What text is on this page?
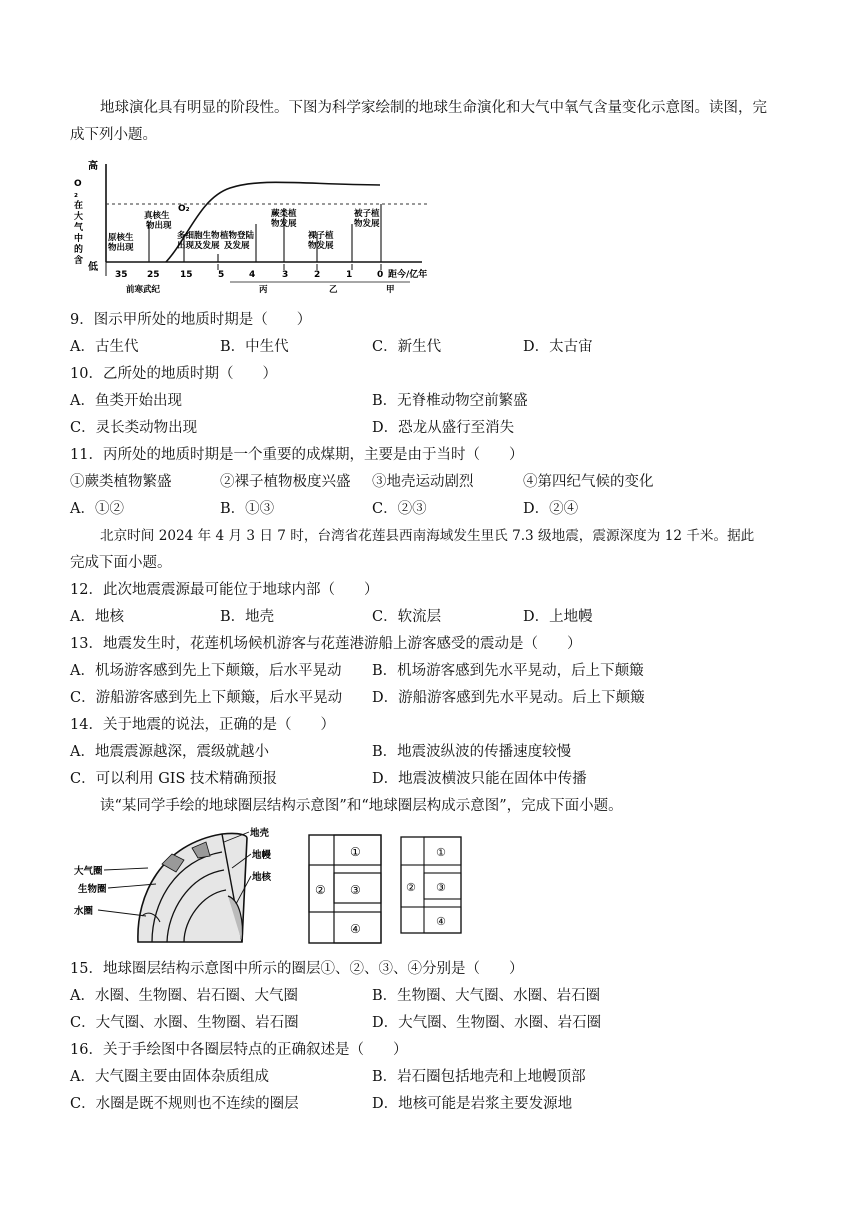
地球演化具有明显的阶段性。下图为科学家绘制的地球生命演化和大气中氧气含量变化示意图。读图，完
成下列小题。
高
低
O
₂
在
大
气
中
的
含
O₂
原核生
物出现
真核生
物出现
多细胞生物
出现及发展
植物登陆
及发展
蕨类植
物发展
裸子植
物发展
被子植
物发展
35 25 15	5	4	3	2	1	0 距今/亿年
前寒武纪	丙	乙	甲
9．图示甲所处的地质时期是（　　）
A．古生代	B．中生代	C．新生代	D．太古宙
10．乙所处的地质时期（　　）
A．鱼类开始出现	B．无脊椎动物空前繁盛
C．灵长类动物出现	D．恐龙从盛行至消失
11．丙所处的地质时期是一个重要的成煤期，主要是由于当时（　　）
①蕨类植物繁盛	②裸子植物极度兴盛 ③地壳运动剧烈	④第四纪气候的变化
A．①②	B．①③	C．②③	D．②④
北京时间 2024 年 4 月 3 日 7 时，台湾省花莲县西南海域发生里氏 7.3 级地震，震源深度为 12 千米。据此
完成下面小题。
12．此次地震震源最可能位于地球内部（　　）
A．地核	B．地壳	C．软流层	D．上地幔
13．地震发生时，花莲机场候机游客与花莲港游船上游客感受的震动是（　　）
A．机场游客感到先上下颠簸，后水平晃动 B．机场游客感到先水平晃动，后上下颠簸
C．游船游客感到先上下颠簸，后水平晃动 D．游船游客感到先水平晃动。后上下颠簸
14．关于地震的说法，正确的是（　　）
A．地震震源越深，震级就越小	B．地震波纵波的传播速度较慢
C．可以利用 GIS 技术精确预报	D．地震波横波只能在固体中传播
读“某同学手绘的地球圈层结构示意图”和“地球圈层构成示意图”，完成下面小题。
大气圈
生物圈
水圈
地壳
地幔
地核
①
② ③
④
①
② ③
④
15．地球圈层结构示意图中所示的圈层①、②、③、④分别是（　　）
A．水圈、生物圈、岩石圈、大气圈	B．生物圈、大气圈、水圈、岩石圈
C．大气圈、水圈、生物圈、岩石圈	D．大气圈、生物圈、水圈、岩石圈
16．关于手绘图中各圈层特点的正确叙述是（　　）
A．大气圈主要由固体杂质组成	B．岩石圈包括地壳和上地幔顶部
C．水圈是既不规则也不连续的圈层	D．地核可能是岩浆主要发源地
